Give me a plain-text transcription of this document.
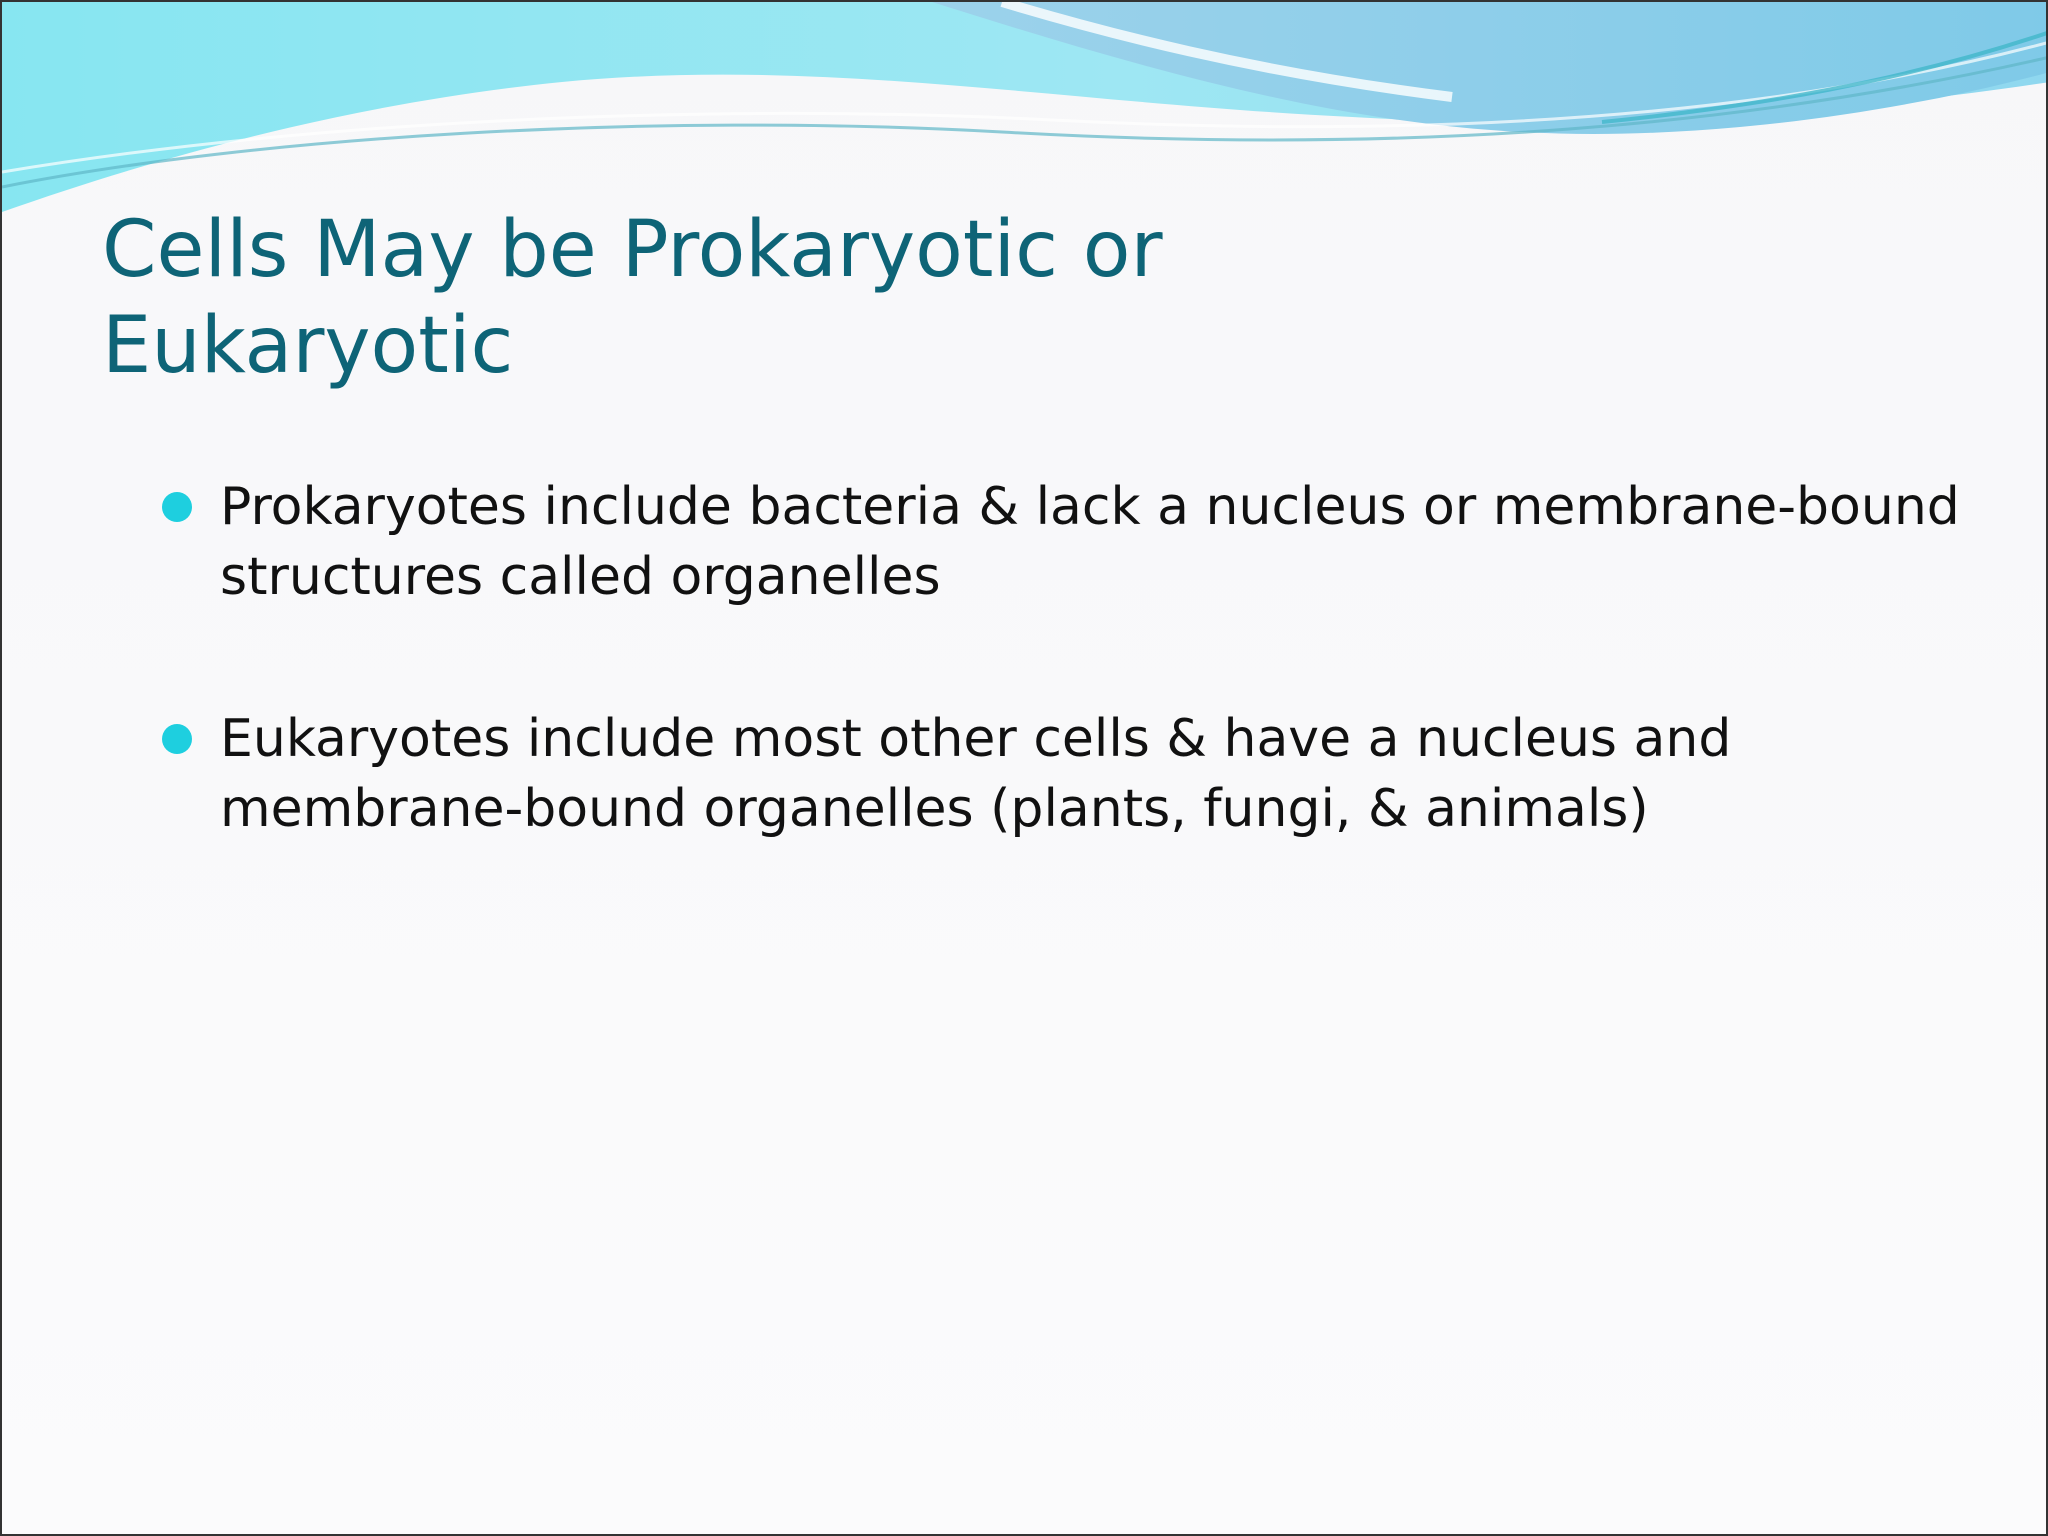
Cells May be Prokaryotic or Eukaryotic
Prokaryotes include bacteria & lack a nucleus or membrane-bound structures called organelles
Eukaryotes include most other cells & have a nucleus and membrane-bound organelles (plants, fungi, & animals)
